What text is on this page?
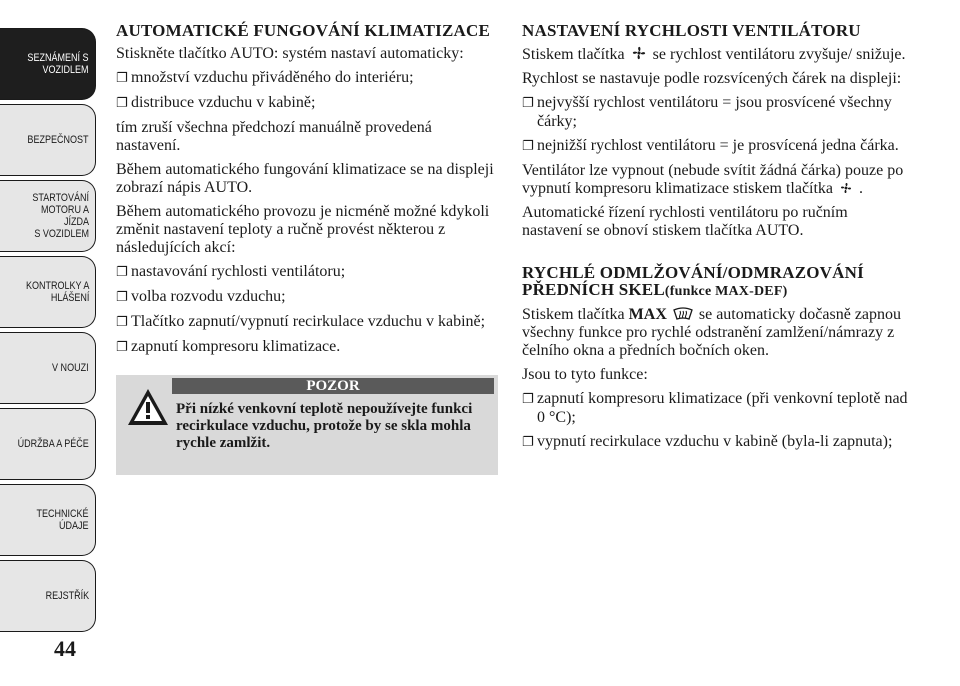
SEZNÁMENÍ S
VOZIDLEM
BEZPEČNOST
STARTOVÁNÍ
MOTORU A JÍZDA
S VOZIDLEM
KONTROLKY A
HLÁŠENÍ
V NOUZI
ÚDRŽBA A PÉČE
TECHNICKÉ
ÚDAJE
REJSTŘÍK
44
AUTOMATICKÉ FUNGOVÁNÍ KLIMATIZACE

Stiskněte tlačítko AUTO: systém nastaví automaticky:

❐ množství vzduchu přiváděného do interiéru;
❐ distribuce vzduchu v kabině;

tím zruší všechna předchozí manuálně provedená nastavení.

Během automatického fungování klimatizace se na displeji zobrazí nápis AUTO.

Během automatického provozu je nicméně možné kdykoli změnit nastavení teploty a ručně provést některou z následujících akcí:

❐ nastavování rychlosti ventilátoru;
❐ volba rozvodu vzduchu;
❐ Tlačítko zapnutí/vypnutí recirkulace vzduchu v kabině;
❐ zapnutí kompresoru klimatizace.
POZOR
Při nízké venkovní teplotě nepoužívejte funkci recirkulace vzduchu, protože by se skla mohla rychle zamlžit.
NASTAVENÍ RYCHLOSTI VENTILÁTORU

Stiskem tlačítka se rychlost ventilátoru zvyšuje/ snižuje.

Rychlost se nastavuje podle rozsvícených čárek na displeji:

❐ nejvyšší rychlost ventilátoru = jsou prosvícené všechny čárky;
❐ nejnižší rychlost ventilátoru = je prosvícená jedna čárka.

Ventilátor lze vypnout (nebude svítit žádná čárka) pouze po vypnutí kompresoru klimatizace stiskem tlačítka .

Automatické řízení rychlosti ventilátoru po ručním nastavení se obnoví stiskem tlačítka AUTO.

RYCHLÉ ODMLŽOVÁNÍ/ODMRAZOVÁNÍ PŘEDNÍCH SKEL(funkce MAX-DEF)

Stiskem tlačítka MAX se automaticky dočasně zapnou všechny funkce pro rychlé odstranění zamlžení/námrazy z čelního okna a předních bočních oken.

Jsou to tyto funkce:

❐ zapnutí kompresoru klimatizace (při venkovní teplotě nad 0 °C);
❐ vypnutí recirkulace vzduchu v kabině (byla-li zapnuta);
